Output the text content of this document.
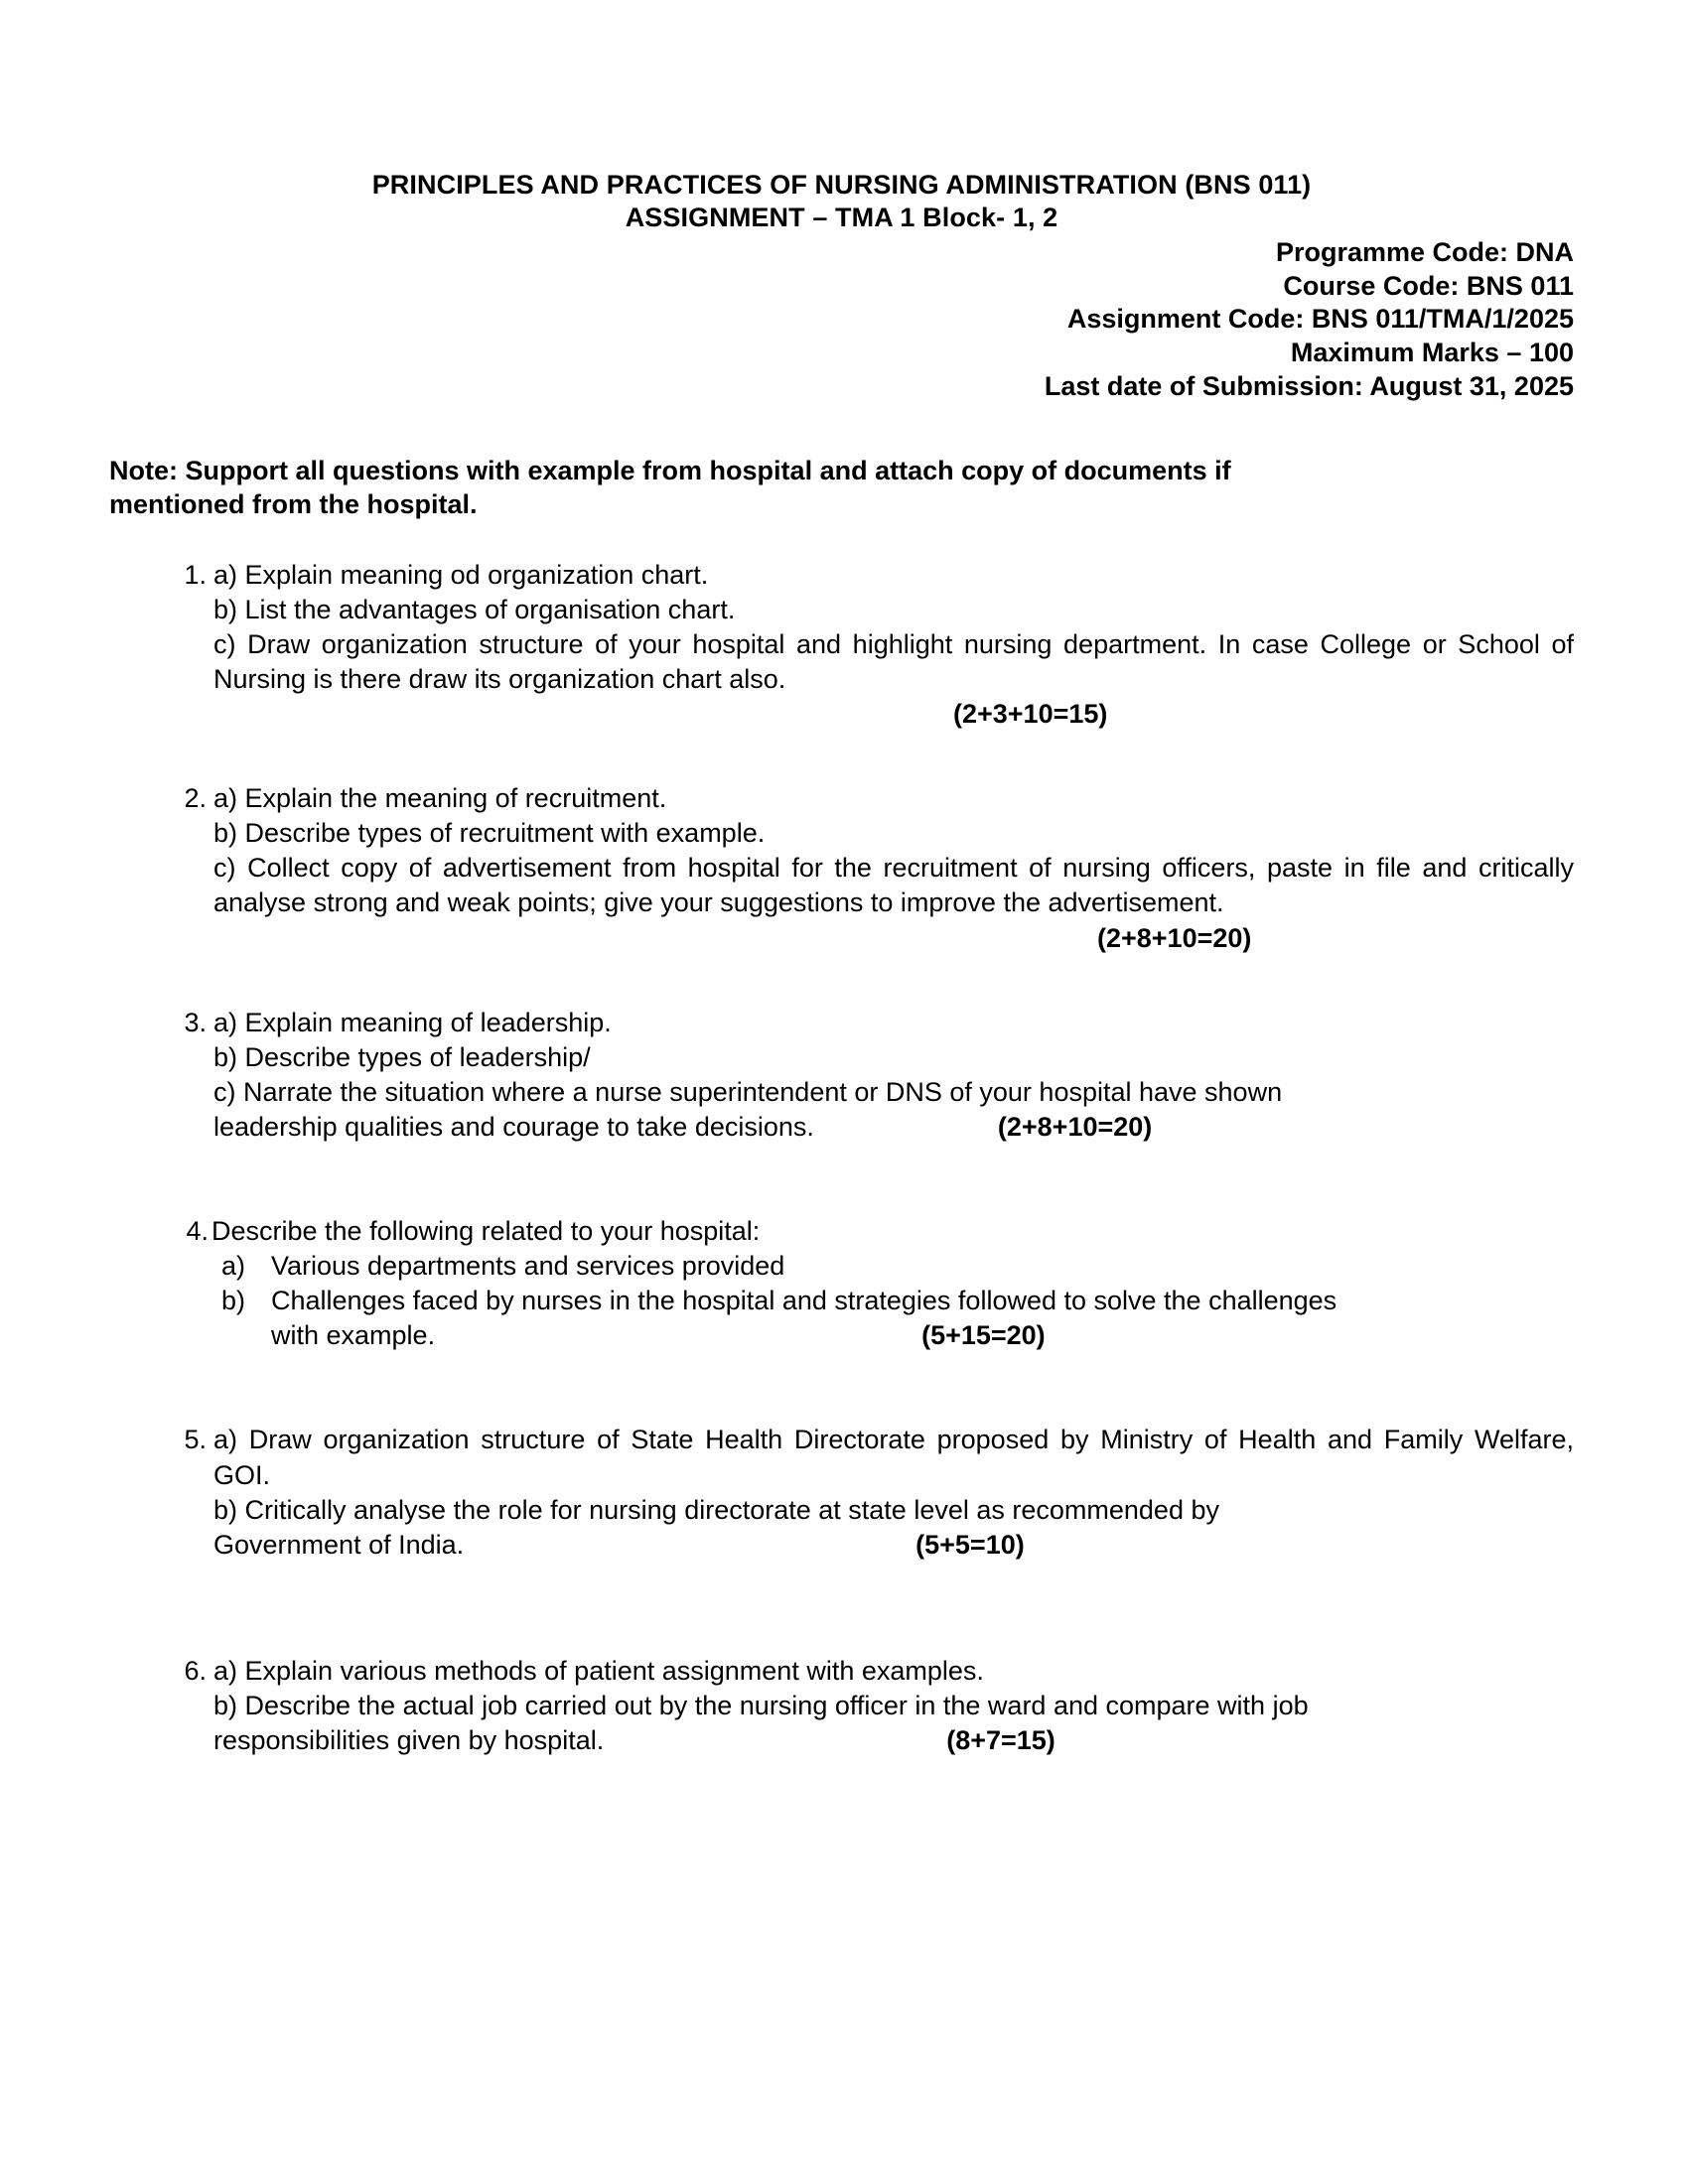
PRINCIPLES AND PRACTICES OF NURSING ADMINISTRATION (BNS 011)
ASSIGNMENT – TMA 1 Block- 1, 2
Programme Code: DNA
Course Code: BNS 011
Assignment Code: BNS 011/TMA/1/2025
Maximum Marks – 100
Last date of Submission: August 31, 2025
Note: Support all questions with example from hospital and attach copy of documents if
mentioned from the hospital.
1. a) Explain meaning od organization chart.
b) List the advantages of organisation chart.
c) Draw organization structure of your hospital and highlight nursing department. In case College or School of Nursing is there draw its organization chart also.
(2+3+10=15)
2. a) Explain the meaning of recruitment.
b) Describe types of recruitment with example.
c) Collect copy of advertisement from hospital for the recruitment of nursing officers, paste in file and critically analyse strong and weak points; give your suggestions to improve the advertisement.
(2+8+10=20)
3. a) Explain meaning of leadership.
b) Describe types of leadership/
c) Narrate the situation where a nurse superintendent or DNS of your hospital have shown
leadership qualities and courage to take decisions.	(2+8+10=20)
4. Describe the following related to your hospital:
a) Various departments and services provided
b) Challenges faced by nurses in the hospital and strategies followed to solve the challenges
with example.	(5+15=20)
5. a) Draw organization structure of State Health Directorate proposed by Ministry of Health and Family Welfare, GOI.
b) Critically analyse the role for nursing directorate at state level as recommended by
Government of India.	(5+5=10)
6. a) Explain various methods of patient assignment with examples.
b) Describe the actual job carried out by the nursing officer in the ward and compare with job
responsibilities given by hospital.	(8+7=15)
